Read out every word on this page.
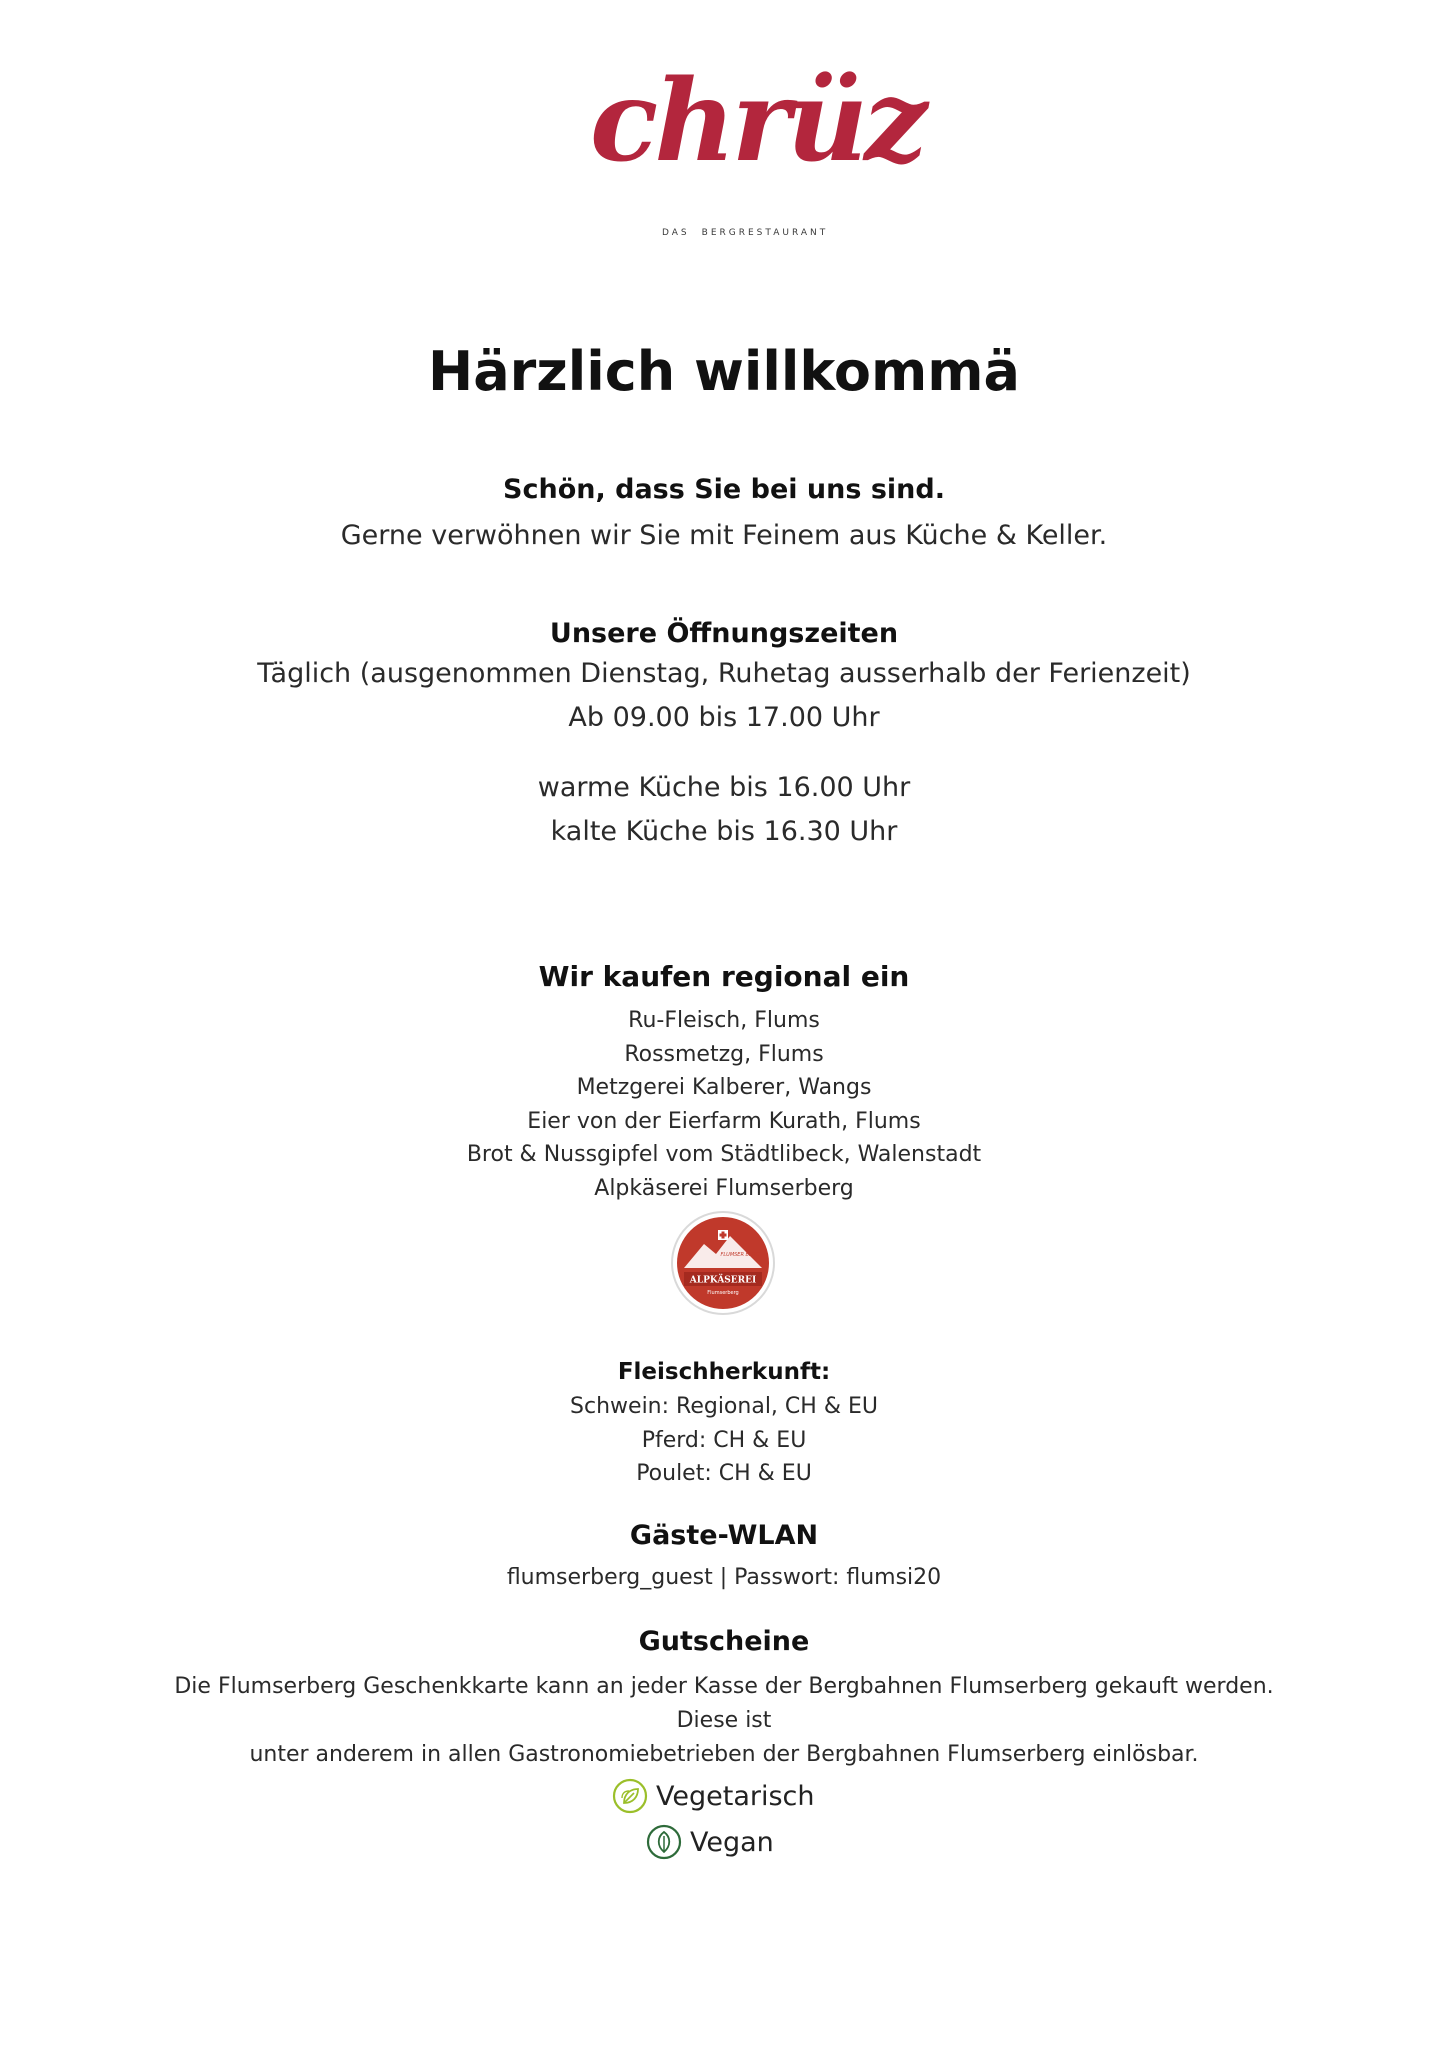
chrüz
DAS BERGRESTAURANT
Härzlich willkommä
Schön, dass Sie bei uns sind.
Gerne verwöhnen wir Sie mit Feinem aus Küche & Keller.
Unsere Öffnungszeiten
Täglich (ausgenommen Dienstag, Ruhetag ausserhalb der Ferienzeit)
Ab 09.00 bis 17.00 Uhr
warme Küche bis 16.00 Uhr
kalte Küche bis 16.30 Uhr
Wir kaufen regional ein
Ru-Fleisch, Flums
Rossmetzg, Flums
Metzgerei Kalberer, Wangs
Eier von der Eierfarm Kurath, Flums
Brot & Nussgipfel vom Städtlibeck, Walenstadt
Alpkäserei Flumserberg
FLUMSER BERG
ALPKÄSEREI
Flumserberg
Fleischherkunft:
Schwein: Regional, CH & EU
Pferd: CH & EU
Poulet: CH & EU
Gäste-WLAN
flumserberg_guest | Passwort: flumsi20
Gutscheine
Die Flumserberg Geschenkkarte kann an jeder Kasse der Bergbahnen Flumserberg gekauft werden. Diese ist
unter anderem in allen Gastronomiebetrieben der Bergbahnen Flumserberg einlösbar.
Vegetarisch
Vegan
